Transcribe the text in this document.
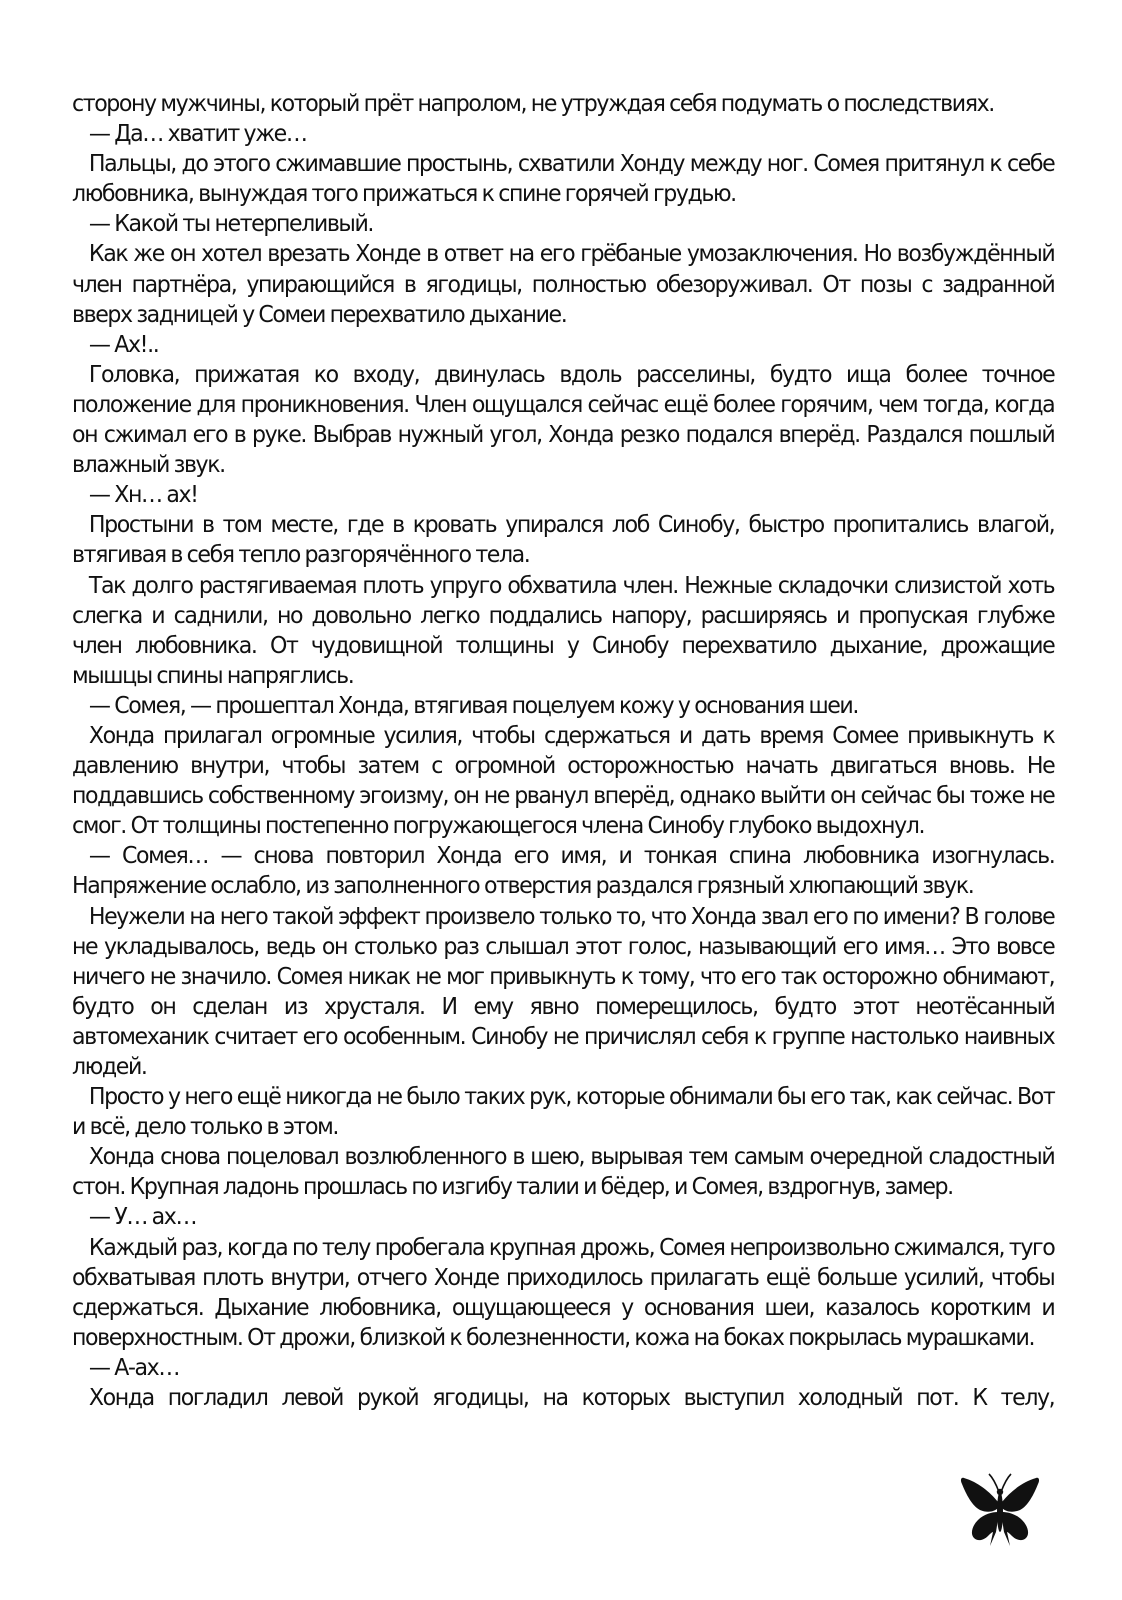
сторону мужчины, который прёт напролом, не утруждая себя подумать о последствиях.

— Да… хватит уже…

Пальцы, до этого сжимавшие простынь, схватили Хонду между ног. Сомея притянул к себе любовника, вынуждая того прижаться к спине горячей грудью.

— Какой ты нетерпеливый.

Как же он хотел врезать Хонде в ответ на его грёбаные умозаключения. Но возбуждённый член партнёра, упирающийся в ягодицы, полностью обезоруживал. От позы с задранной вверх задницей у Сомеи перехватило дыхание.

— Ах!..

Головка, прижатая ко входу, двинулась вдоль расселины, будто ища более точное положение для проникновения. Член ощущался сейчас ещё более горячим, чем тогда, когда он сжимал его в руке. Выбрав нужный угол, Хонда резко подался вперёд. Раздался пошлый влажный звук.

— Хн… ах!

Простыни в том месте, где в кровать упирался лоб Синобу, быстро пропитались влагой, втягивая в себя тепло разгорячённого тела.

Так долго растягиваемая плоть упруго обхватила член. Нежные складочки слизистой хоть слегка и саднили, но довольно легко поддались напору, расширяясь и пропуская глубже член любовника. От чудовищной толщины у Синобу перехватило дыхание, дрожащие мышцы спины напряглись.

— Сомея, — прошептал Хонда, втягивая поцелуем кожу у основания шеи.

Хонда прилагал огромные усилия, чтобы сдержаться и дать время Сомее привыкнуть к давлению внутри, чтобы затем с огромной осторожностью начать двигаться вновь. Не поддавшись собственному эгоизму, он не рванул вперёд, однако выйти он сейчас бы тоже не смог. От толщины постепенно погружающегося члена Синобу глубоко выдохнул.

— Сомея… — снова повторил Хонда его имя, и тонкая спина любовника изогнулась. Напряжение ослабло, из заполненного отверстия раздался грязный хлюпающий звук.

Неужели на него такой эффект произвело только то, что Хонда звал его по имени? В голове не укладывалось, ведь он столько раз слышал этот голос, называющий его имя… Это вовсе ничего не значило. Сомея никак не мог привыкнуть к тому, что его так осторожно обнимают, будто он сделан из хрусталя. И ему явно померещилось, будто этот неотёсанный автомеханик считает его особенным. Синобу не причислял себя к группе настолько наивных людей.

Просто у него ещё никогда не было таких рук, которые обнимали бы его так, как сейчас. Вот и всё, дело только в этом.

Хонда снова поцеловал возлюбленного в шею, вырывая тем самым очередной сладостный стон. Крупная ладонь прошлась по изгибу талии и бёдер, и Сомея, вздрогнув, замер.

— У… ах…

Каждый раз, когда по телу пробегала крупная дрожь, Сомея непроизвольно сжимался, туго обхватывая плоть внутри, отчего Хонде приходилось прилагать ещё больше усилий, чтобы сдержаться. Дыхание любовника, ощущающееся у основания шеи, казалось коротким и поверхностным. От дрожи, близкой к болезненности, кожа на боках покрылась мурашками.

— А-ах…

Хонда погладил левой рукой ягодицы, на которых выступил холодный пот. К телу,
